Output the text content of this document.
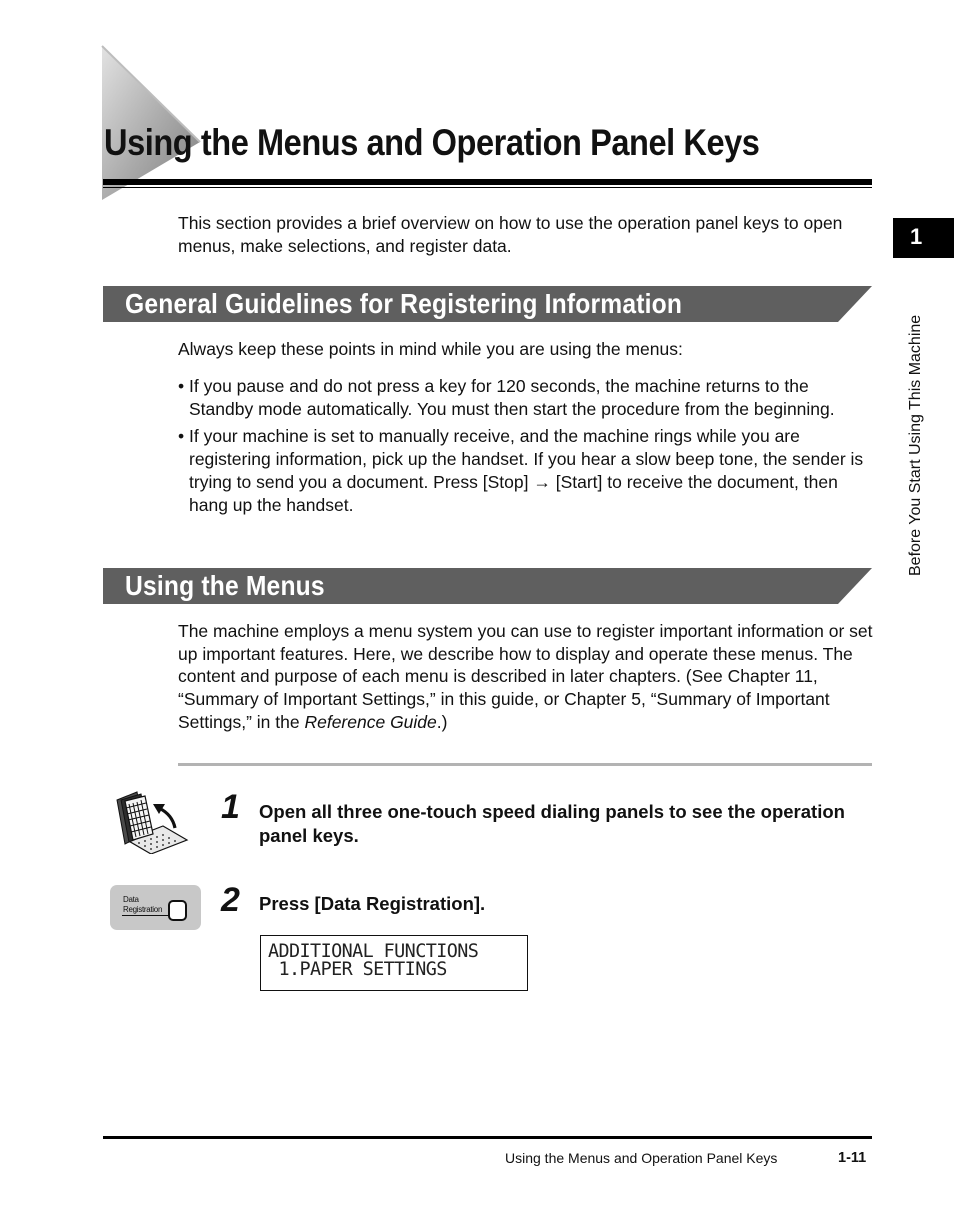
Using the Menus and Operation Panel Keys

This section provides a brief overview on how to use the operation panel keys to open menus, make selections, and register data.

General Guidelines for Registering Information

Always keep these points in mind while you are using the menus:

• If you pause and do not press a key for 120 seconds, the machine returns to the Standby mode automatically. You must then start the procedure from the beginning.
• If your machine is set to manually receive, and the machine rings while you are registering information, pick up the handset. If you hear a slow beep tone, the sender is trying to send you a document. Press [Stop] → [Start] to receive the document, then hang up the handset.
Using the Menus

The machine employs a menu system you can use to register important information or set up important features. Here, we describe how to display and operate these menus. The content and purpose of each menu is described in later chapters. (See Chapter 11, “Summary of Important Settings,” in this guide, or Chapter 5, “Summary of Important Settings,” in the Reference Guide.)

1 Open all three one-touch speed dialing panels to see the operation panel keys.
Data
Registration 2 Press [Data Registration].

ADDITIONAL FUNCTIONS

1.PAPER SETTINGS

1
Before You Start Using This Machine
Using the Menus and Operation Panel Keys	1-11
